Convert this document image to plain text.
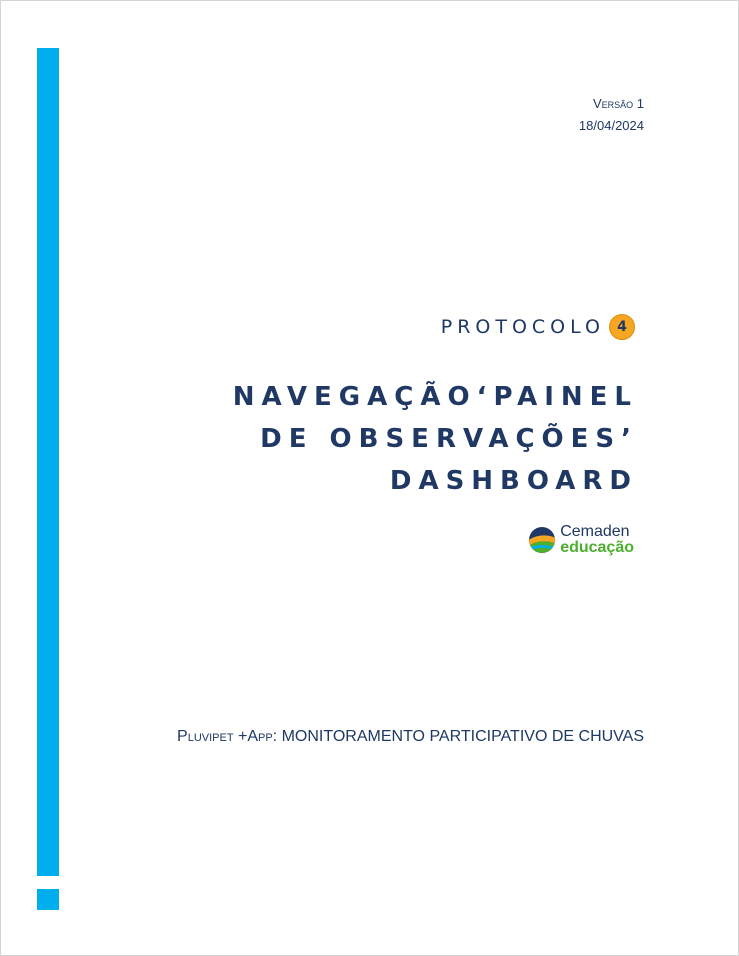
Versão 1
18/04/2024
PROTOCOLO 4
NAVEGAÇÃO‘PAINEL
DE OBSERVAÇÕES’
DASHBOARD
Cemaden
educação
Pluvipet +App: MONITORAMENTO PARTICIPATIVO DE CHUVAS
